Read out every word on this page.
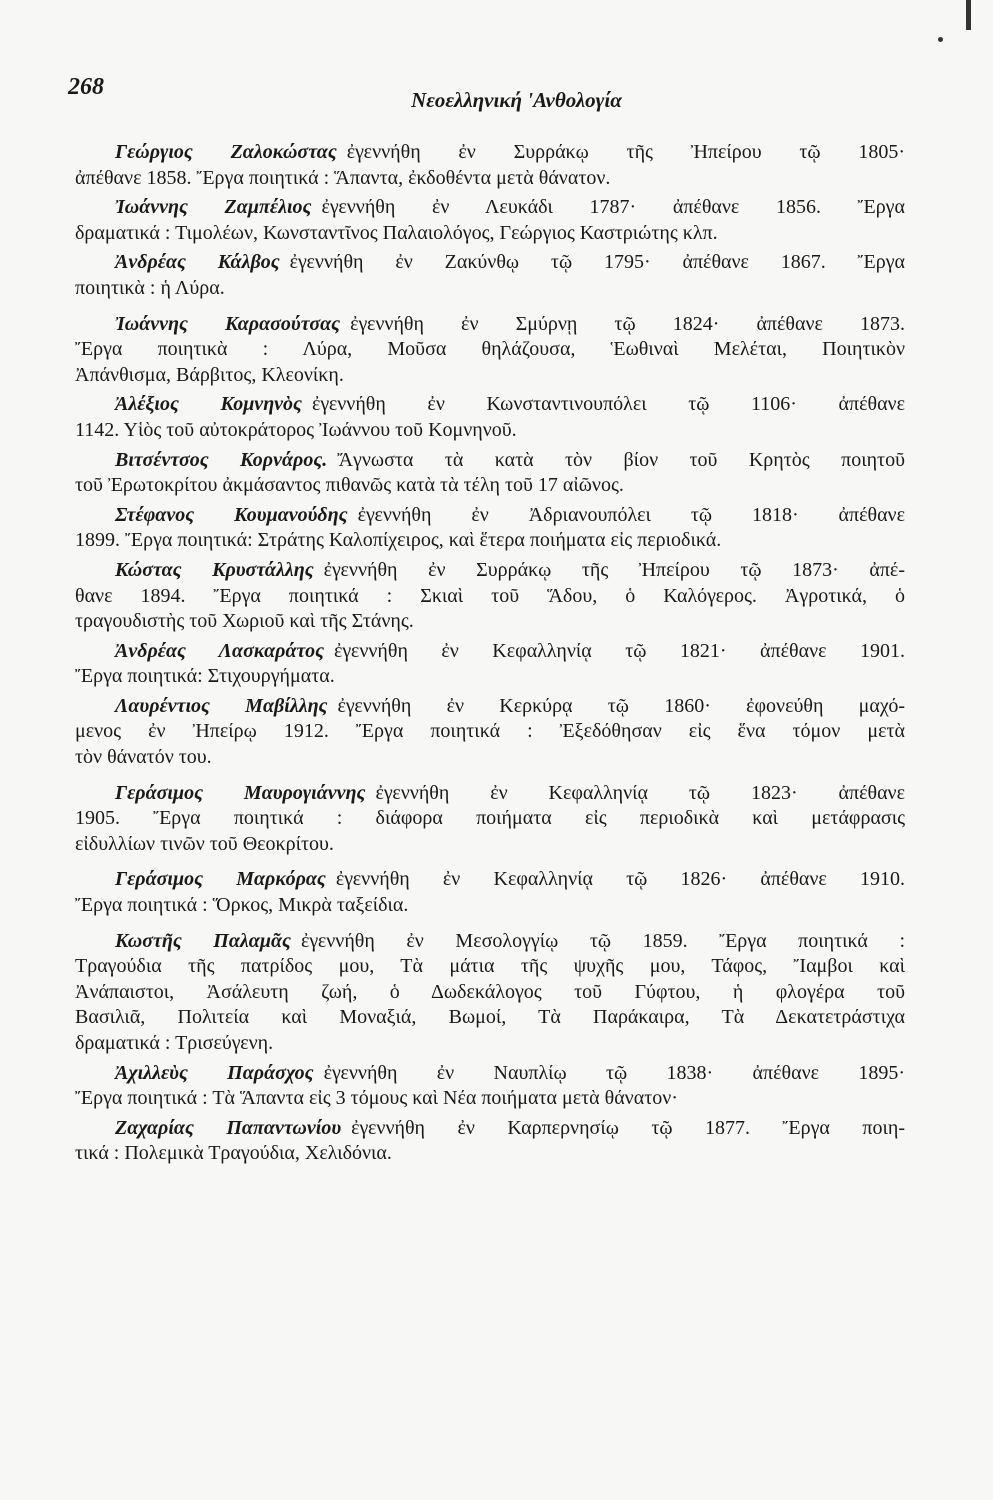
268	Νεοελληνική 'Ανθολογία
Γεώργιος Ζαλοκώστας ἐγεννήθη ἐν Συρράκῳ τῆς Ἠπείρου τῷ 1805·
ἀπέθανε 1858. Ἔργα ποιητικά : Ἅπαντα, ἐκδοθέντα μετὰ θάνατον.
Ἰωάννης Ζαμπέλιος ἐγεννήθη ἐν Λευκάδι 1787· ἀπέθανε 1856. Ἔργα
δραματικά : Τιμολέων, Κωνσταντῖνος Παλαιολόγος, Γεώργιος Καστριώτης κλπ.
Ἀνδρέας Κάλβος ἐγεννήθη ἐν Ζακύνθῳ τῷ 1795· ἀπέθανε 1867. Ἔργα
ποιητικὰ : ἡ Λύρα.
Ἰωάννης Καρασούτσας ἐγεννήθη ἐν Σμύρνῃ τῷ 1824· ἀπέθανε 1873.
Ἔργα ποιητικὰ : Λύρα, Μοῦσα θηλάζουσα, Ἑωθιναὶ Μελέται, Ποιητικὸν
Ἀπάνθισμα, Βάρβιτος, Κλεονίκη.
Ἀλέξιος Κομνηνὸς ἐγεννήθη ἐν Κωνσταντινουπόλει τῷ 1106· ἀπέθανε
1142. Υἱὸς τοῦ αὐτοκράτορος Ἰωάννου τοῦ Κομνηνοῦ.
Βιτσέντσος Κορνάρος. Ἄγνωστα τὰ κατὰ τὸν βίον τοῦ Κρητὸς ποιητοῦ
τοῦ Ἐρωτοκρίτου ἀκμάσαντος πιθανῶς κατὰ τὰ τέλη τοῦ 17 αἰῶνος.
Στέφανος Κουμανούδης ἐγεννήθη ἐν Ἀδριανουπόλει τῷ 1818· ἀπέθανε
1899. Ἔργα ποιητικά: Στράτης Καλοπίχειρος, καὶ ἕτερα ποιήματα εἰς περιοδικά.
Κώστας Κρυστάλλης ἐγεννήθη ἐν Συρράκῳ τῆς Ἠπείρου τῷ 1873· ἀπέ-
θανε 1894. Ἔργα ποιητικά : Σκιαὶ τοῦ Ἅδου, ὁ Καλόγερος. Ἀγροτικά, ὁ
τραγουδιστὴς τοῦ Χωριοῦ καὶ τῆς Στάνης.
Ἀνδρέας Λασκαράτος ἐγεννήθη ἐν Κεφαλληνίᾳ τῷ 1821· ἀπέθανε 1901.
Ἔργα ποιητικά: Στιχουργήματα.
Λαυρέντιος Μαβίλλης ἐγεννήθη ἐν Κερκύρᾳ τῷ 1860· ἐφονεύθη μαχό-
μενος ἐν Ἠπείρῳ 1912. Ἔργα ποιητικά : Ἐξεδόθησαν εἰς ἕνα τόμον μετὰ
τὸν θάνατόν του.
Γεράσιμος Μαυρογιάννης ἐγεννήθη ἐν Κεφαλληνίᾳ τῷ 1823· ἀπέθανε
1905. Ἔργα ποιητικά : διάφορα ποιήματα εἰς περιοδικὰ καὶ μετάφρασις
εἰδυλλίων τινῶν τοῦ Θεοκρίτου.
Γεράσιμος Μαρκόρας ἐγεννήθη ἐν Κεφαλληνίᾳ τῷ 1826· ἀπέθανε 1910.
Ἔργα ποιητικά : Ὅρκος, Μικρὰ ταξείδια.
Κωστῆς Παλαμᾶς ἐγεννήθη ἐν Μεσολογγίῳ τῷ 1859. Ἔργα ποιητικά :
Τραγούδια τῆς πατρίδος μου, Τὰ μάτια τῆς ψυχῆς μου, Τάφος, Ἴαμβοι καὶ
Ἀνάπαιστοι, Ἀσάλευτη ζωή, ὁ Δωδεκάλογος τοῦ Γύφτου, ἡ φλογέρα τοῦ
Βασιλιᾶ, Πολιτεία καὶ Μοναξιά, Βωμοί, Τὰ Παράκαιρα, Τὰ Δεκατετράστιχα
δραματικά : Τρισεύγενη.
Ἀχιλλεὺς Παράσχος ἐγεννήθη ἐν Ναυπλίῳ τῷ 1838· ἀπέθανε 1895·
Ἔργα ποιητικά : Τὰ Ἅπαντα εἰς 3 τόμους καὶ Νέα ποιήματα μετὰ θάνατον·
Ζαχαρίας Παπαντωνίου ἐγεννήθη ἐν Καρπερνησίῳ τῷ 1877. Ἔργα ποιη-
τικά : Πολεμικὰ Τραγούδια, Χελιδόνια.
